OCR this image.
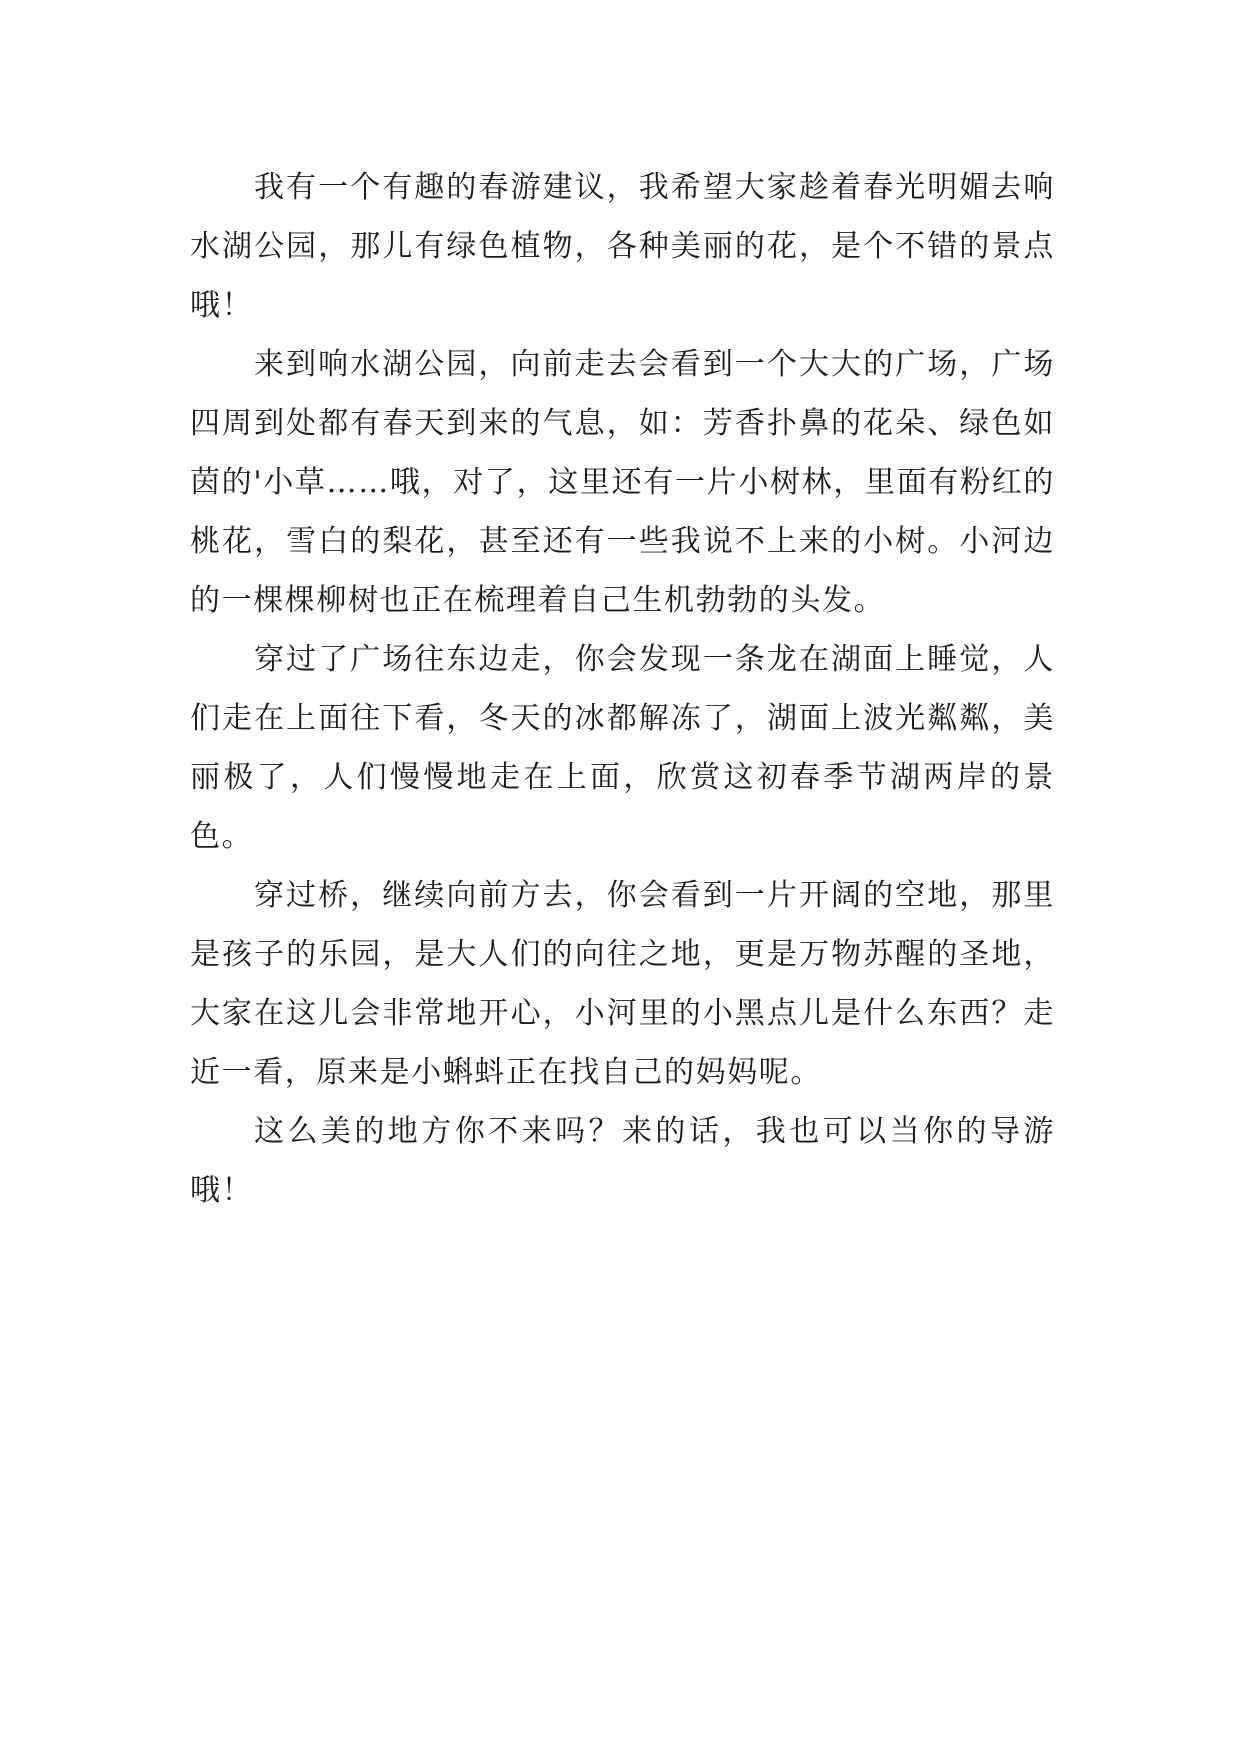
我有一个有趣的春游建议，我希望大家趁着春光明媚去响水湖公园，那儿有绿色植物，各种美丽的花，是个不错的景点哦！

来到响水湖公园，向前走去会看到一个大大的广场，广场四周到处都有春天到来的气息，如：芳香扑鼻的花朵、绿色如茵的'小草……哦，对了，这里还有一片小树林，里面有粉红的桃花，雪白的梨花，甚至还有一些我说不上来的小树。小河边的一棵棵柳树也正在梳理着自己生机勃勃的头发。

穿过了广场往东边走，你会发现一条龙在湖面上睡觉，人们走在上面往下看，冬天的冰都解冻了，湖面上波光粼粼，美丽极了，人们慢慢地走在上面，欣赏这初春季节湖两岸的景色。

穿过桥，继续向前方去，你会看到一片开阔的空地，那里是孩子的乐园，是大人们的向往之地，更是万物苏醒的圣地，大家在这儿会非常地开心，小河里的小黑点儿是什么东西？走近一看，原来是小蝌蚪正在找自己的妈妈呢。

这么美的地方你不来吗？来的话，我也可以当你的导游哦！
